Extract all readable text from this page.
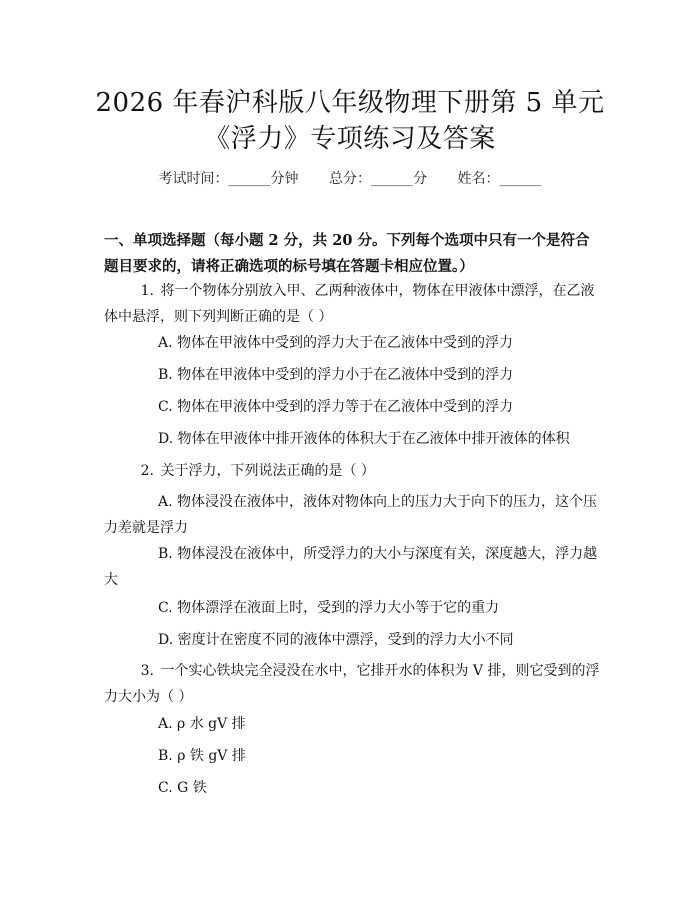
2026 年春沪科版八年级物理下册第 5 单元
《浮力》专项练习及答案
考试时间：______分钟 总分：______分 姓名：______
一、单项选择题（每小题 2 分，共 20 分。下列每个选项中只有一个是符合题目要求的，请将正确选项的标号填在答题卡相应位置。）
1. 将一个物体分别放入甲、乙两种液体中，物体在甲液体中漂浮，在乙液体中悬浮，则下列判断正确的是（ ）
A. 物体在甲液体中受到的浮力大于在乙液体中受到的浮力
B. 物体在甲液体中受到的浮力小于在乙液体中受到的浮力
C. 物体在甲液体中受到的浮力等于在乙液体中受到的浮力
D. 物体在甲液体中排开液体的体积大于在乙液体中排开液体的体积
2. 关于浮力，下列说法正确的是（ ）
A. 物体浸没在液体中，液体对物体向上的压力大于向下的压力，这个压力差就是浮力
B. 物体浸没在液体中，所受浮力的大小与深度有关，深度越大，浮力越大
C. 物体漂浮在液面上时，受到的浮力大小等于它的重力
D. 密度计在密度不同的液体中漂浮，受到的浮力大小不同
3. 一个实心铁块完全浸没在水中，它排开水的体积为 V 排，则它受到的浮力大小为（ ）
A. ρ 水 gV 排
B. ρ 铁 gV 排
C. G 铁
